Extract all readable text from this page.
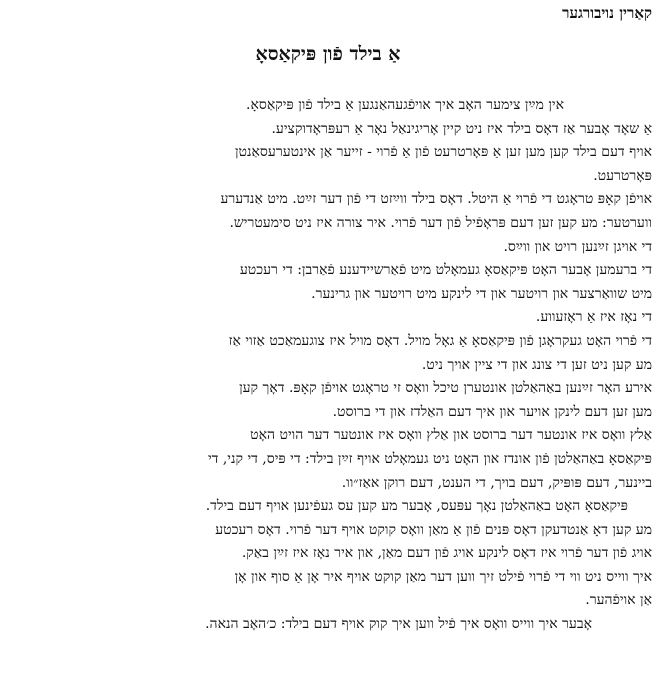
קאַרין נויבורגער

אַ בילד פֿון פּיקאַסאָ

אין מײַן צימער האָב איך אויפֿגעהאַנגען אַ בילד פֿון פּיקאַסאָ.

אַ שאָד אָבער אַז דאָס בילד איז ניט קיין אָריגינאַל נאָר אַ רעפּראָדוקציע.

אויף דעם בילד קען מען זען אַ פּאָרטרעט פֿון אַ פֿרוי - זייער אַן אינטערעסאַנטן
פּאָרטרעט.

אויפֿן קאָפּ טראָגט די פֿרוי אַ היטל. דאָס בילד ווײַזט די פֿון דער זײַט. מיט אַנדערע
ווערטער: מע קען זען דעם פּראָפֿיל פֿון דער פֿרוי. איר צורה איז ניט סימעטריש.

די אויגן זײַנען רויט און ווײַס.

די ברעמען אָבער האָט פּיקאַסאָ געמאָלט מיט פֿאַרשיידענע פֿאַרבן: די רעכטע
מיט שוואַרצער און רויטער און די לינקע מיט רויטער און גרינער.

די נאָז איז אַ ראָזעווע.

די פֿרוי האָט געקראָגן פֿון פּיקאַסאָ אַ גאָל מויל. דאָס מויל איז צוגעמאַכט אַזוי אַז
מע קען ניט זען די צונג און די ציין אויך ניט.

אירע האָר זײַנען באַהאַלטן אונטערן טיכל וואָס זי טראָגט אויפֿן קאָפּ. דאָך קען
מען זען דעם לינקן אויער און איך דעם האַלדז און די ברוסט.

אַלץ וואָס איז אונטער דער ברוסט און אַלץ וואָס איז אונטער דער הויט האָט
פּיקאַסאָ באַהאַלטן פֿון אונדז און האָט ניט געמאָלט אויף זײַן בילד: די פּיס, די קני, די
ביינער, דעם פּופּיק, דעם בויך, די הענט, דעם רוקן אאַז״וו.

פּיקאַסאָ האָט באַהאַלטן נאָך עפּעס, אָבער מע קען עס געפֿינען אויף דעם בילד.
מע קען דאָ אַנטדעקן דאָס פּנים פֿון אַ מאַן וואָס קוקט אויף דער פֿרוי. דאָס רעכטע
אויג פֿון דער פֿרוי איז דאָס לינקע אויג פֿון דעם מאַן, און איר נאָז איז זײַן באַק.

איך ווייס ניט ווי די פֿרוי פֿילט זיך ווען דער מאַן קוקט אויף איר אָן אַ סוף און אָן
אַן אויפֿהער.

אָבער איך ווייס וואָס איך פֿיל ווען איך קוק אויף דעם בילד: כ׳האָב הנאה.
